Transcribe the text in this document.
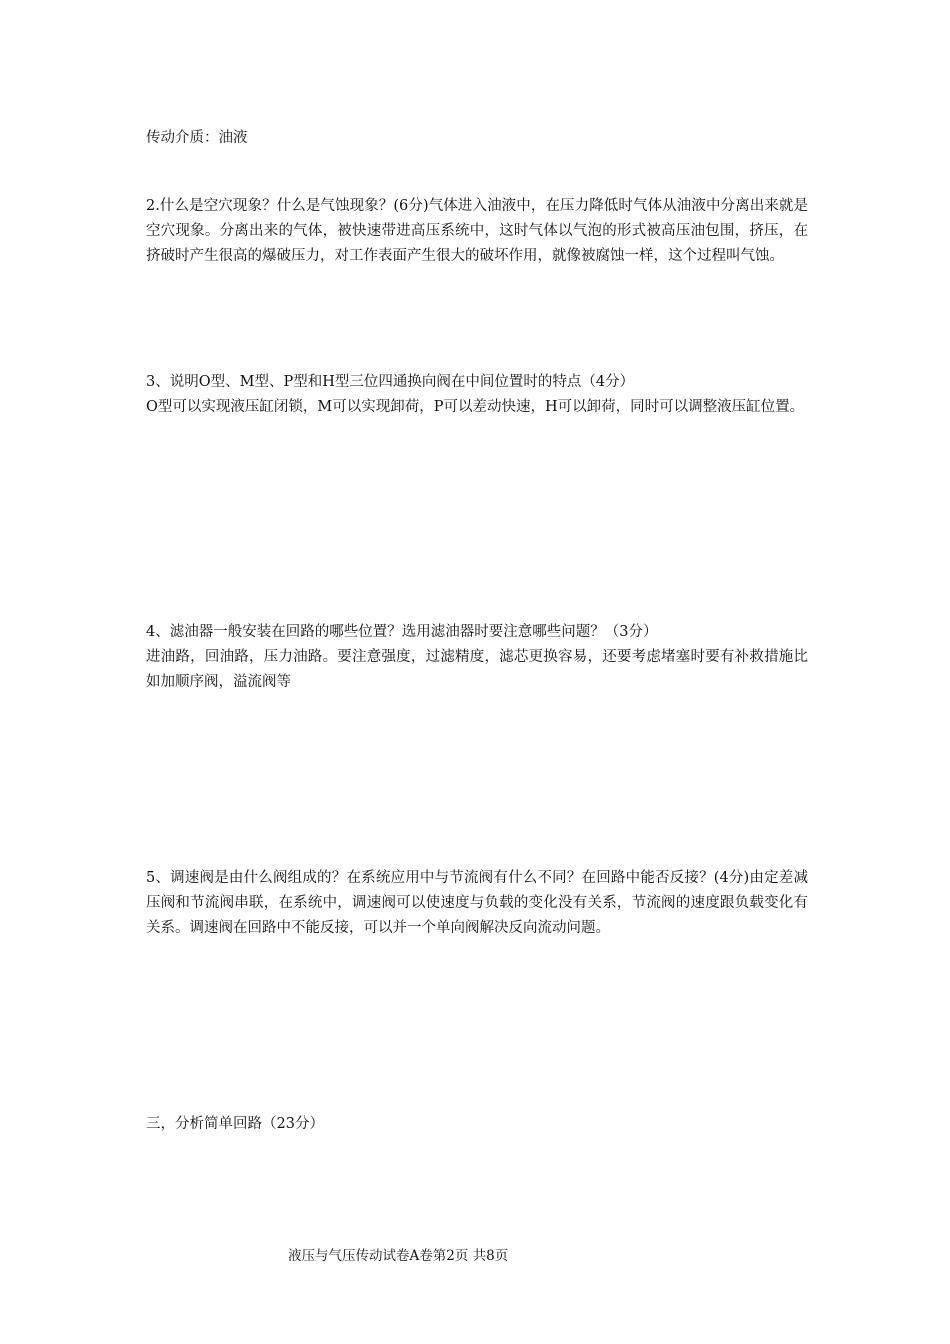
传动介质：油液

2.什么是空穴现象？什么是气蚀现象？(6分)气体进入油液中，在压力降低时气体从油液中分离出来就是空穴现象。分离出来的气体，被快速带进高压系统中，这时气体以气泡的形式被高压油包围，挤压，在挤破时产生很高的爆破压力，对工作表面产生很大的破坏作用，就像被腐蚀一样，这个过程叫气蚀。

3、说明O型、M型、P型和H型三位四通换向阀在中间位置时的特点（4分）

O型可以实现液压缸闭锁，M可以实现卸荷，P可以差动快速，H可以卸荷，同时可以调整液压缸位置。

4、滤油器一般安装在回路的哪些位置？选用滤油器时要注意哪些问题？（3分）

进油路，回油路，压力油路。要注意强度，过滤精度，滤芯更换容易，还要考虑堵塞时要有补救措施比如加顺序阀，溢流阀等

5、调速阀是由什么阀组成的？在系统应用中与节流阀有什么不同？在回路中能否反接？(4分)由定差减压阀和节流阀串联，在系统中，调速阀可以使速度与负载的变化没有关系，节流阀的速度跟负载变化有关系。调速阀在回路中不能反接，可以并一个单向阀解决反向流动问题。

三，分析简单回路（23分）

液压与气压传动试卷A卷第2页 共8页
